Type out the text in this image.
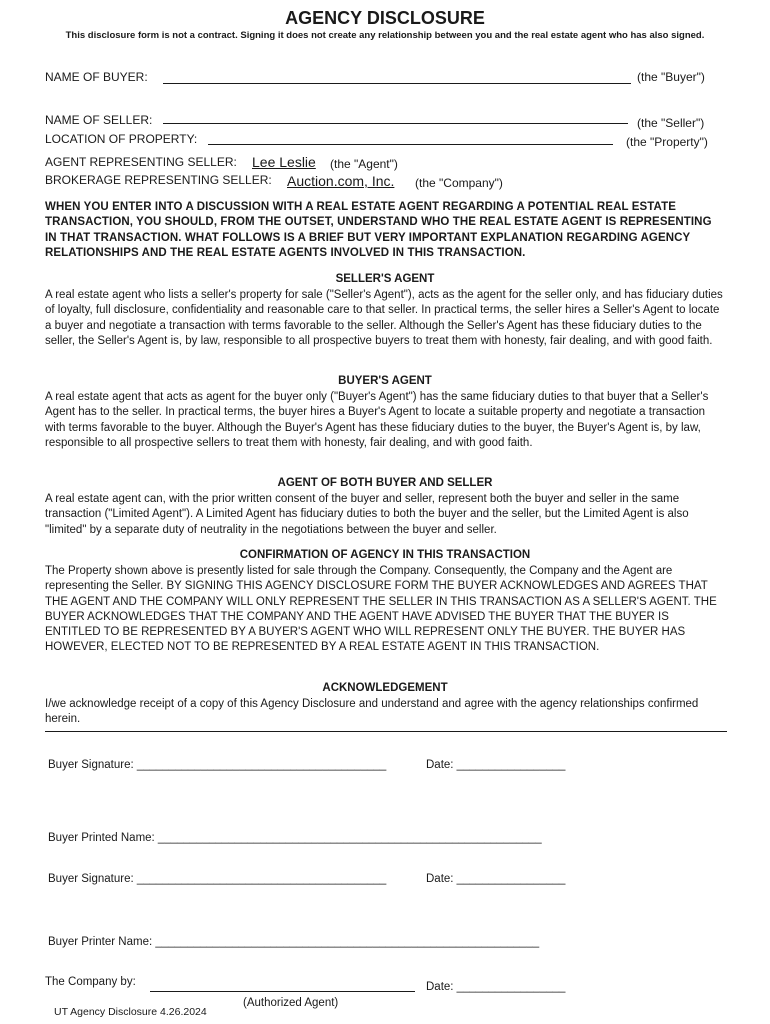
AGENCY DISCLOSURE
This disclosure form is not a contract. Signing it does not create any relationship between you and the real estate agent who has also signed.
NAME OF BUYER:	(the "Buyer")
NAME OF SELLER:	(the "Seller")
LOCATION OF PROPERTY:	(the "Property")
AGENT REPRESENTING SELLER: Lee Leslie (the "Agent")
BROKERAGE REPRESENTING SELLER: Auction.com, Inc. (the "Company")
WHEN YOU ENTER INTO A DISCUSSION WITH A REAL ESTATE AGENT REGARDING A POTENTIAL REAL ESTATE TRANSACTION, YOU SHOULD, FROM THE OUTSET, UNDERSTAND WHO THE REAL ESTATE AGENT IS REPRESENTING IN THAT TRANSACTION. WHAT FOLLOWS IS A BRIEF BUT VERY IMPORTANT EXPLANATION REGARDING AGENCY RELATIONSHIPS AND THE REAL ESTATE AGENTS INVOLVED IN THIS TRANSACTION.
SELLER'S AGENT
A real estate agent who lists a seller's property for sale ("Seller's Agent"), acts as the agent for the seller only, and has fiduciary duties of loyalty, full disclosure, confidentiality and reasonable care to that seller. In practical terms, the seller hires a Seller's Agent to locate a buyer and negotiate a transaction with terms favorable to the seller. Although the Seller's Agent has these fiduciary duties to the seller, the Seller's Agent is, by law, responsible to all prospective buyers to treat them with honesty, fair dealing, and with good faith.
BUYER'S AGENT
A real estate agent that acts as agent for the buyer only ("Buyer's Agent") has the same fiduciary duties to that buyer that a Seller's Agent has to the seller. In practical terms, the buyer hires a Buyer's Agent to locate a suitable property and negotiate a transaction with terms favorable to the buyer. Although the Buyer's Agent has these fiduciary duties to the buyer, the Buyer's Agent is, by law, responsible to all prospective sellers to treat them with honesty, fair dealing, and with good faith.
AGENT OF BOTH BUYER AND SELLER
A real estate agent can, with the prior written consent of the buyer and seller, represent both the buyer and seller in the same transaction ("Limited Agent"). A Limited Agent has fiduciary duties to both the buyer and the seller, but the Limited Agent is also "limited" by a separate duty of neutrality in the negotiations between the buyer and seller.
CONFIRMATION OF AGENCY IN THIS TRANSACTION
The Property shown above is presently listed for sale through the Company. Consequently, the Company and the Agent are representing the Seller. BY SIGNING THIS AGENCY DISCLOSURE FORM THE BUYER ACKNOWLEDGES AND AGREES THAT THE AGENT AND THE COMPANY WILL ONLY REPRESENT THE SELLER IN THIS TRANSACTION AS A SELLER'S AGENT. THE BUYER ACKNOWLEDGES THAT THE COMPANY AND THE AGENT HAVE ADVISED THE BUYER THAT THE BUYER IS ENTITLED TO BE REPRESENTED BY A BUYER'S AGENT WHO WILL REPRESENT ONLY THE BUYER. THE BUYER HAS HOWEVER, ELECTED NOT TO BE REPRESENTED BY A REAL ESTATE AGENT IN THIS TRANSACTION.
ACKNOWLEDGEMENT
I/we acknowledge receipt of a copy of this Agency Disclosure and understand and agree with the agency relationships confirmed herein.
Buyer Signature: _______________________________________	Date: _________________
Buyer Printed Name: ____________________________________________________________
Buyer Signature: _______________________________________	Date: _________________
Buyer Printer Name: ____________________________________________________________
The Company by:	Date: _________________
(Authorized Agent)
UT Agency Disclosure 4.26.2024
